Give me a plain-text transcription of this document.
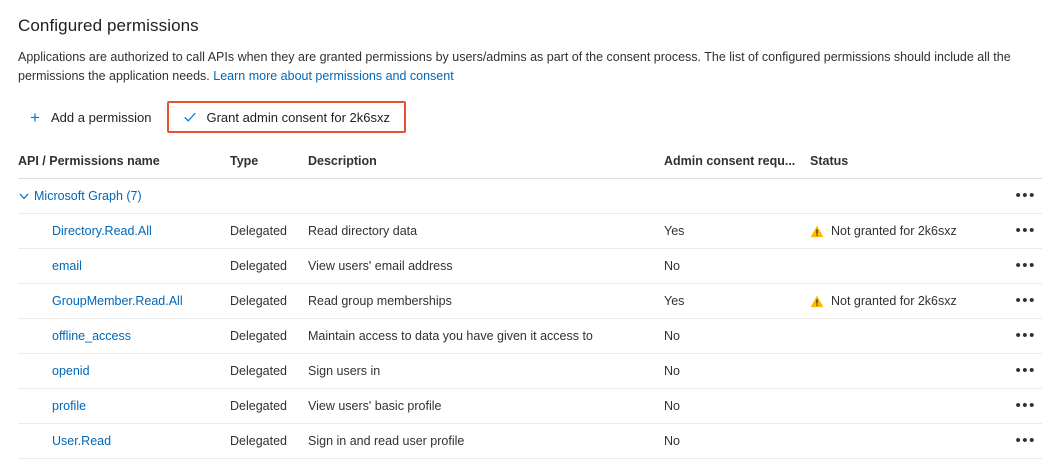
Configured permissions

Applications are authorized to call APIs when they are granted permissions by users/admins as part of the consent process. The list of configured permissions should include all the permissions the application needs. Learn more about permissions and consent

+ Add a permission	Grant admin consent for 2k6sxz
API / Permissions name	Type	Description	Admin consent requ...	Status	

Microsoft Graph (7)					•••
Directory.Read.All	Delegated	Read directory data	Yes	Not granted for 2k6sxz	•••
email	Delegated	View users' email address	No		•••
GroupMember.Read.All	Delegated	Read group memberships	Yes	Not granted for 2k6sxz	•••
offline_access	Delegated	Maintain access to data you have given it access to	No		•••
openid	Delegated	Sign users in	No		•••
profile	Delegated	View users' basic profile	No		•••
User.Read	Delegated	Sign in and read user profile	No		•••
